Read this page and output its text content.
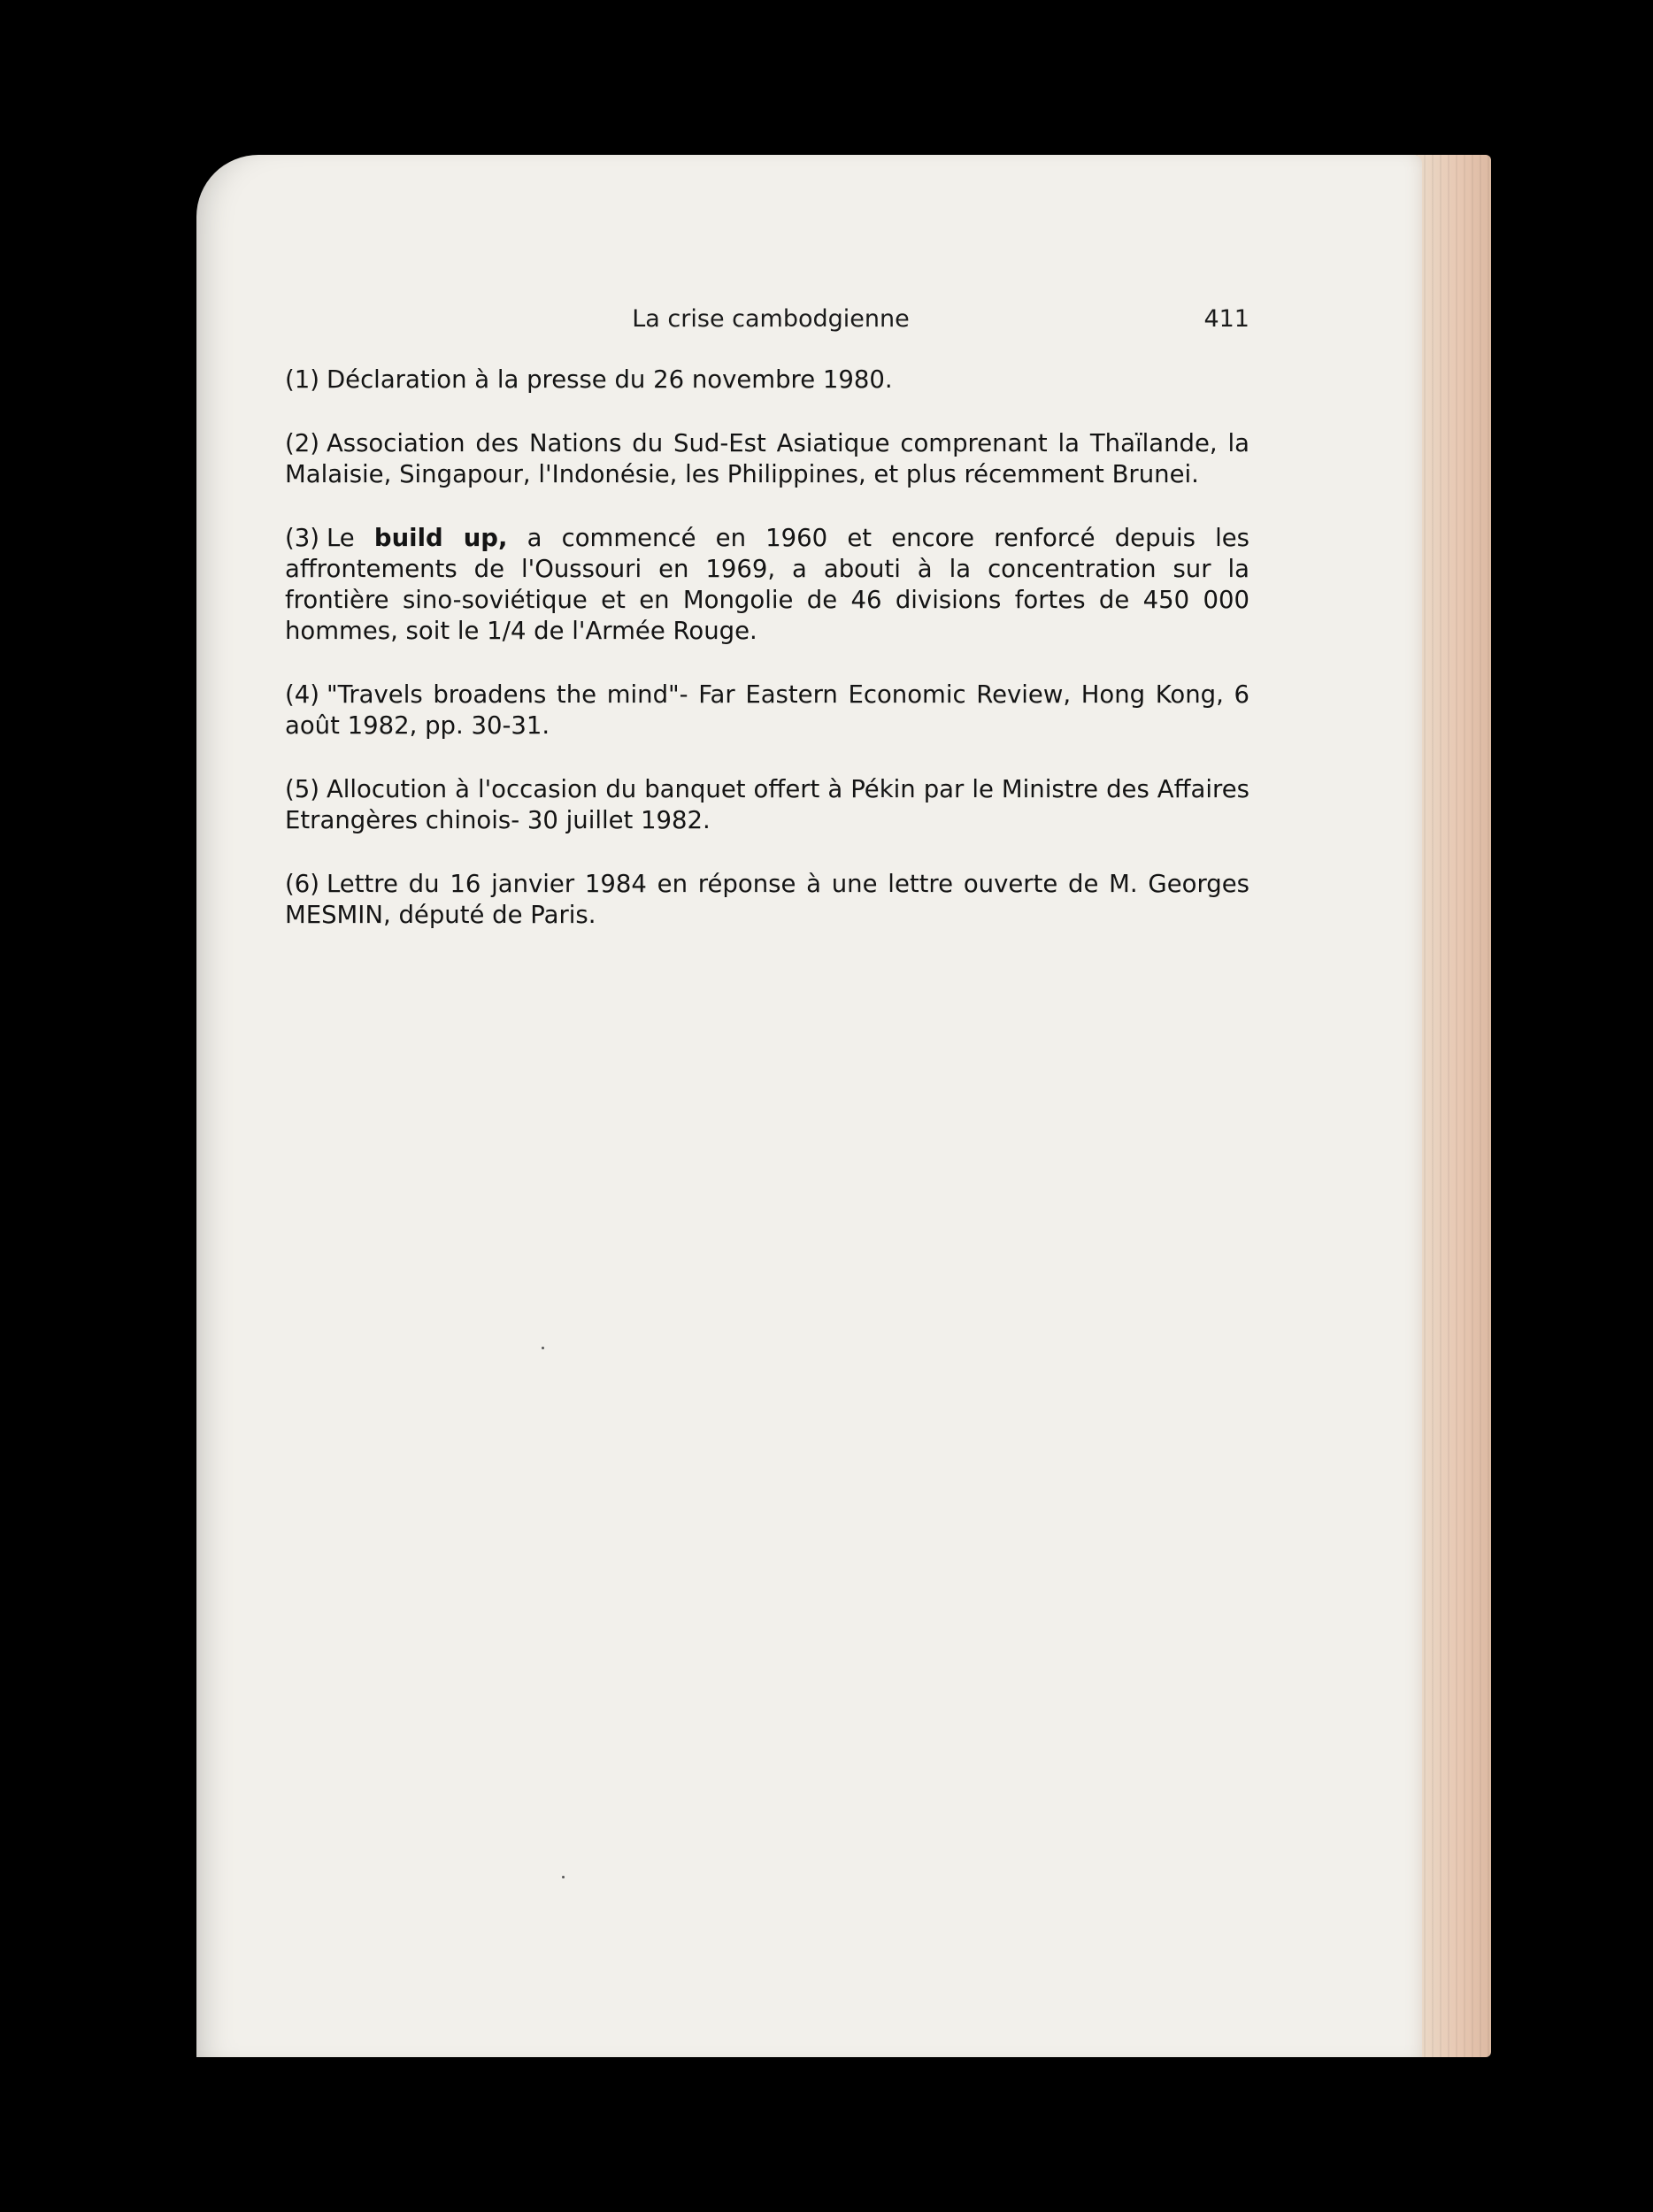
La crise cambodgienne	411

(1) Déclaration à la presse du 26 novembre 1980.

(2) Association des Nations du Sud-Est Asiatique comprenant la Thaïlande, la Malaisie, Singapour, l'Indonésie, les Philippines, et plus récemment Brunei.

(3) Le build up, a commencé en 1960 et encore renforcé depuis les affrontements de l'Oussouri en 1969, a abouti à la concentration sur la frontière sino-soviétique et en Mongolie de 46 divisions fortes de 450 000 hommes, soit le 1/4 de l'Armée Rouge.

(4) "Travels broadens the mind"- Far Eastern Economic Review, Hong Kong, 6 août 1982, pp. 30-31.

(5) Allocution à l'occasion du banquet offert à Pékin par le Ministre des Affaires Etrangères chinois- 30 juillet 1982.

(6) Lettre du 16 janvier 1984 en réponse à une lettre ouverte de M. Georges MESMIN, député de Paris.
